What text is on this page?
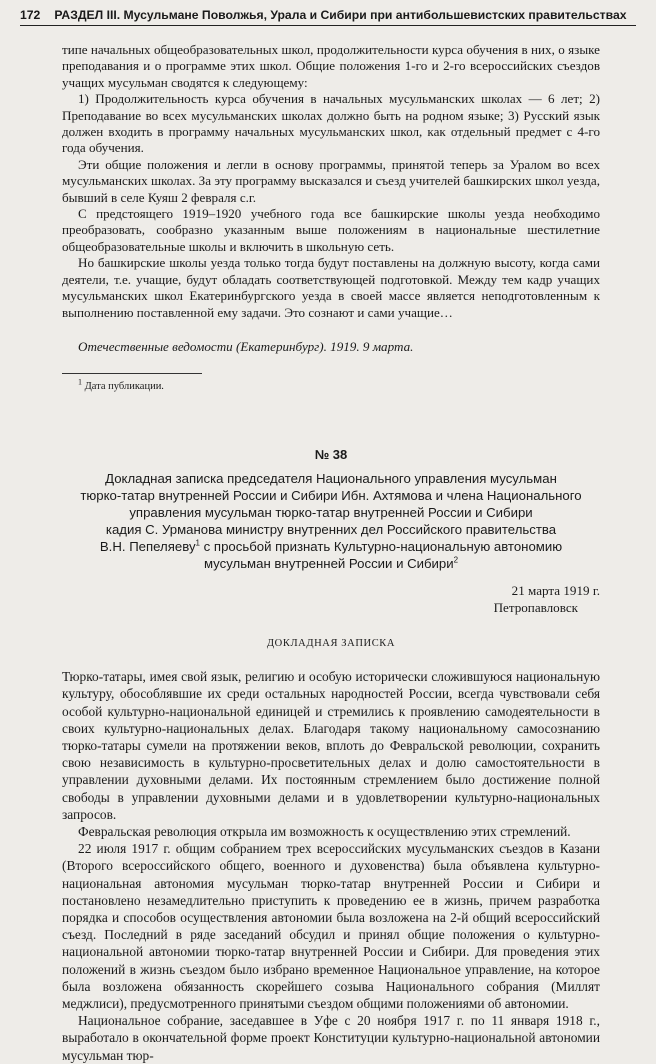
172 РАЗДЕЛ III. Мусульмане Поволжья, Урала и Сибири при антибольшевистских правительствах

типе начальных общеобразовательных школ, продолжительности курса обучения в них, о языке преподавания и о программе этих школ. Общие положения 1-го и 2-го всероссийских съездов учащих мусульман сводятся к следующему:

1) Продолжительность курса обучения в начальных мусульманских школах — 6 лет; 2) Преподавание во всех мусульманских школах должно быть на родном языке; 3) Русский язык должен входить в программу начальных мусульманских школ, как отдельный предмет с 4-го года обучения.

Эти общие положения и легли в основу программы, принятой теперь за Уралом во всех мусульманских школах. За эту программу высказался и съезд учителей башкирских школ уезда, бывший в селе Куяш 2 февраля с.г.

С предстоящего 1919–1920 учебного года все башкирские школы уезда необходимо преобразовать, сообразно указанным выше положениям в национальные шестилетние общеобразовательные школы и включить в школьную сеть.

Но башкирские школы уезда только тогда будут поставлены на должную высоту, когда сами деятели, т.е. учащие, будут обладать соответствующей подготовкой. Между тем кадр учащих мусульманских школ Екатеринбургского уезда в своей массе является неподготовленным к выполнению поставленной ему задачи. Это сознают и сами учащие…

Отечественные ведомости (Екатеринбург). 1919. 9 марта.

$^1$ Дата публикации.

№ 38
Докладная записка председателя Национального управления мусульман
тюрко-татар внутренней России и Сибири Ибн. Ахтямова и члена Национального
управления мусульман тюрко-татар внутренней России и Сибири
кадия С. Урманова министру внутренних дел Российского правительства
В.Н. Пепеляеву$^1$ с просьбой признать Культурно-национальную автономию
мусульман внутренней России и Сибири$^2$
21 марта 1919 г.
Петропавловск
ДОКЛАДНАЯ ЗАПИСКА

Тюрко-татары, имея свой язык, религию и особую исторически сложившуюся национальную культуру, обособлявшие их среди остальных народностей России, всегда чувствовали себя особой культурно-национальной единицей и стремились к проявлению самодеятельности в своих культурно-национальных делах. Благодаря такому национальному самосознанию тюрко-татары сумели на протяжении веков, вплоть до Февральской революции, сохранить свою независимость в культурно-просветительных делах и долю самостоятельности в управлении духовными делами. Их постоянным стремлением было достижение полной свободы в управлении духовными делами и в удовлетворении культурно-национальных запросов.

Февральская революция открыла им возможность к осуществлению этих стремлений.

22 июля 1917 г. общим собранием трех всероссийских мусульманских съездов в Казани (Второго всероссийского общего, военного и духовенства) была объявлена культурно-национальная автономия мусульман тюрко-татар внутренней России и Сибири и постановлено незамедлительно приступить к проведению ее в жизнь, причем разработка порядка и способов осуществления автономии была возложена на 2-й общий всероссийский съезд. Последний в ряде заседаний обсудил и принял общие положения о культурно-национальной автономии тюрко-татар внутренней России и Сибири. Для проведения этих положений в жизнь съездом было избрано временное Национальное управление, на которое была возложена обязанность скорейшего созыва Национального собрания (Миллят меджлиси), предусмотренного принятыми съездом общими положениями об автономии.

Национальное собрание, заседавшее в Уфе с 20 ноября 1917 г. по 11 января 1918 г., выработало в окончательной форме проект Конституции культурно-национальной автономии мусульман тюр-
